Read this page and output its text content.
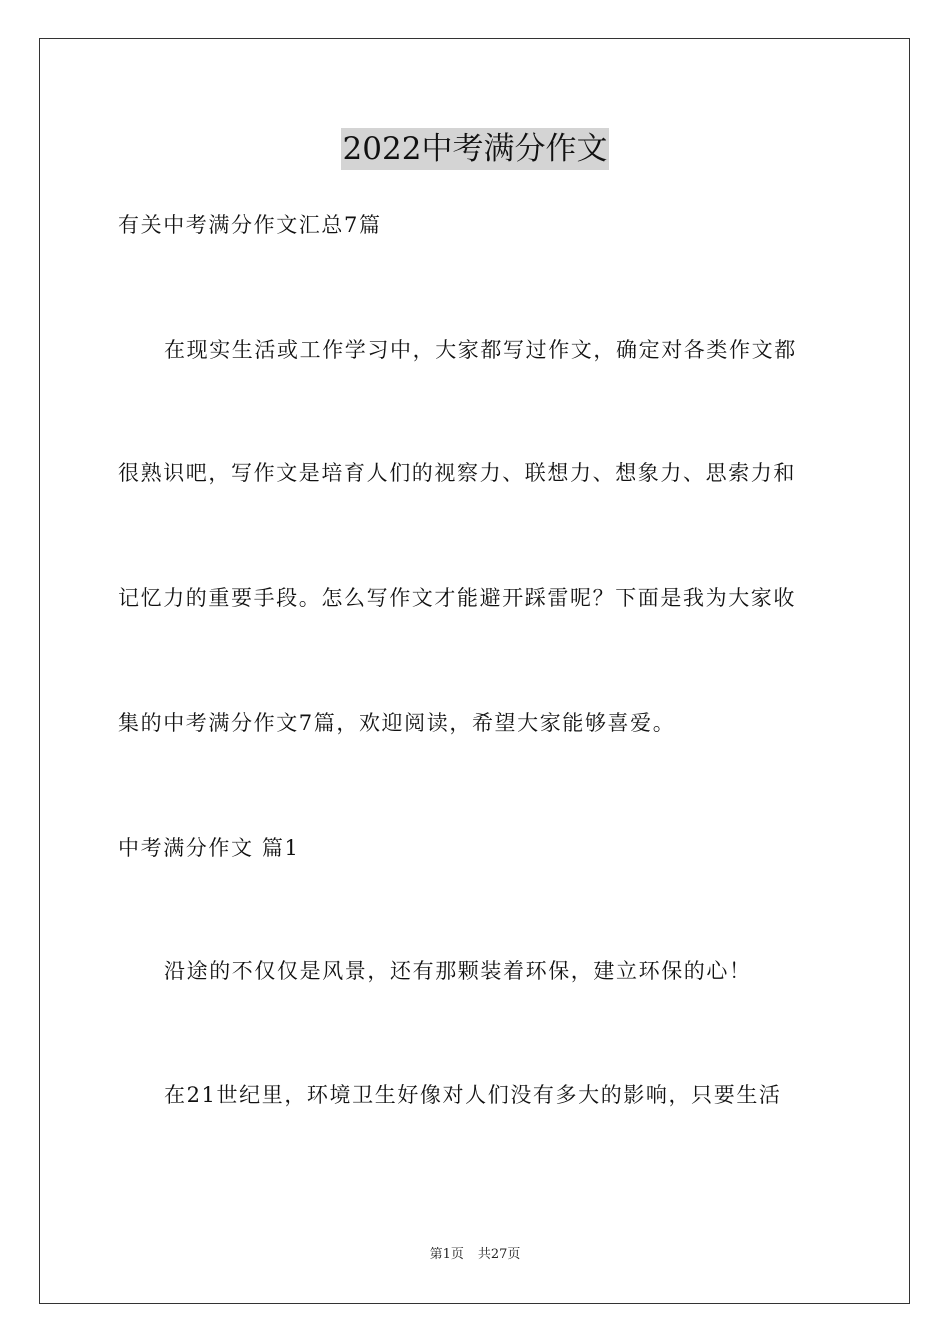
2022中考满分作文
有关中考满分作文汇总7篇
在现实生活或工作学习中，大家都写过作文，确定对各类作文都
很熟识吧，写作文是培育人们的视察力、联想力、想象力、思索力和
记忆力的重要手段。怎么写作文才能避开踩雷呢？下面是我为大家收
集的中考满分作文7篇，欢迎阅读，希望大家能够喜爱。
中考满分作文 篇1
沿途的不仅仅是风景，还有那颗装着环保，建立环保的心！
在21世纪里，环境卫生好像对人们没有多大的影响，只要生活
第1页 共27页
